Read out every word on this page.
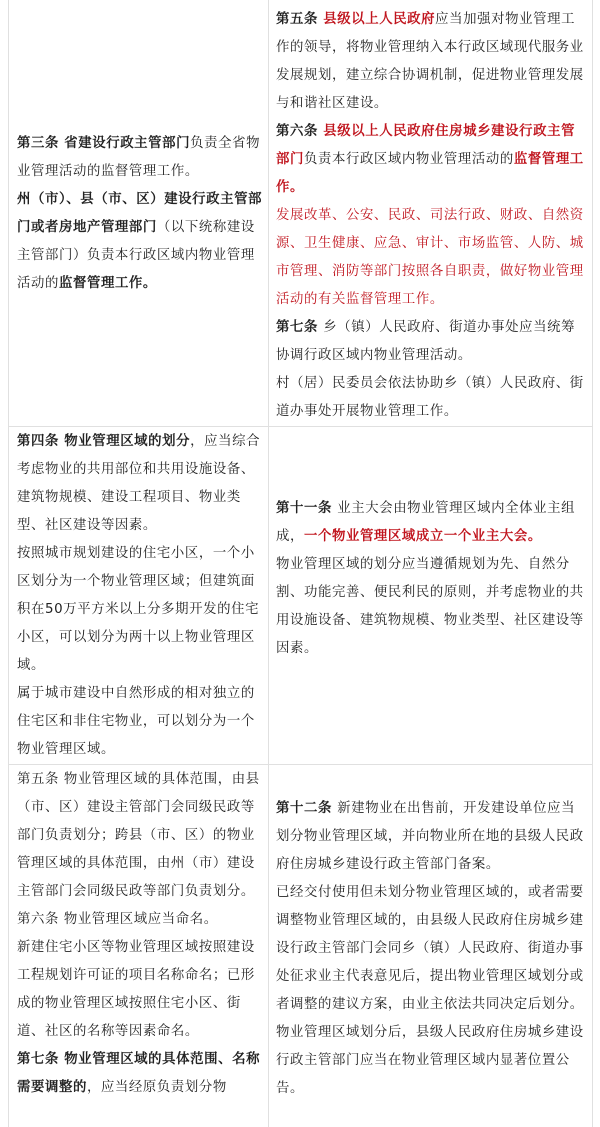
第三条 省建设行政主管部门负责全省物业管理活动的监督管理工作。

州（市）、县（市、区）建设行政主管部门或者房地产管理部门（以下统称建设主管部门）负责本行政区域内物业管理活动的监督管理工作。

第五条 县级以上人民政府应当加强对物业管理工作的领导，将物业管理纳入本行政区域现代服务业发展规划，建立综合协调机制，促进物业管理发展与和谐社区建设。

第六条 县级以上人民政府住房城乡建设行政主管部门负责本行政区域内物业管理活动的监督管理工作。

发展改革、公安、民政、司法行政、财政、自然资源、卫生健康、应急、审计、市场监管、人防、城市管理、消防等部门按照各自职责，做好物业管理活动的有关监督管理工作。

第七条 乡（镇）人民政府、街道办事处应当统筹协调行政区域内物业管理活动。

村（居）民委员会依法协助乡（镇）人民政府、街道办事处开展物业管理工作。

第四条 物业管理区域的划分，应当综合考虑物业的共用部位和共用设施设备、建筑物规模、建设工程项目、物业类型、社区建设等因素。

按照城市规划建设的住宅小区，一个小区划分为一个物业管理区域；但建筑面积在50万平方米以上分多期开发的住宅小区，可以划分为两十以上物业管理区域。

属于城市建设中自然形成的相对独立的住宅区和非住宅物业，可以划分为一个物业管理区域。

第十一条 业主大会由物业管理区域内全体业主组成，一个物业管理区域成立一个业主大会。

物业管理区域的划分应当遵循规划为先、自然分割、功能完善、便民利民的原则，并考虑物业的共用设施设备、建筑物规模、物业类型、社区建设等因素。

第五条 物业管理区域的具体范围，由县（市、区）建设主管部门会同级民政等部门负责划分；跨县（市、区）的物业管理区域的具体范围，由州（市）建设主管部门会同级民政等部门负责划分。

第六条 物业管理区域应当命名。

新建住宅小区等物业管理区域按照建设工程规划许可证的项目名称命名；已形成的物业管理区域按照住宅小区、街道、社区的名称等因素命名。

第七条 物业管理区域的具体范围、名称需要调整的，应当经原负责划分物

第十二条 新建物业在出售前，开发建设单位应当划分物业管理区域，并向物业所在地的县级人民政府住房城乡建设行政主管部门备案。

已经交付使用但未划分物业管理区域的，或者需要调整物业管理区域的，由县级人民政府住房城乡建设行政主管部门会同乡（镇）人民政府、街道办事处征求业主代表意见后，提出物业管理区域划分或者调整的建议方案，由业主依法共同决定后划分。

物业管理区域划分后，县级人民政府住房城乡建设行政主管部门应当在物业管理区域内显著位置公告。
